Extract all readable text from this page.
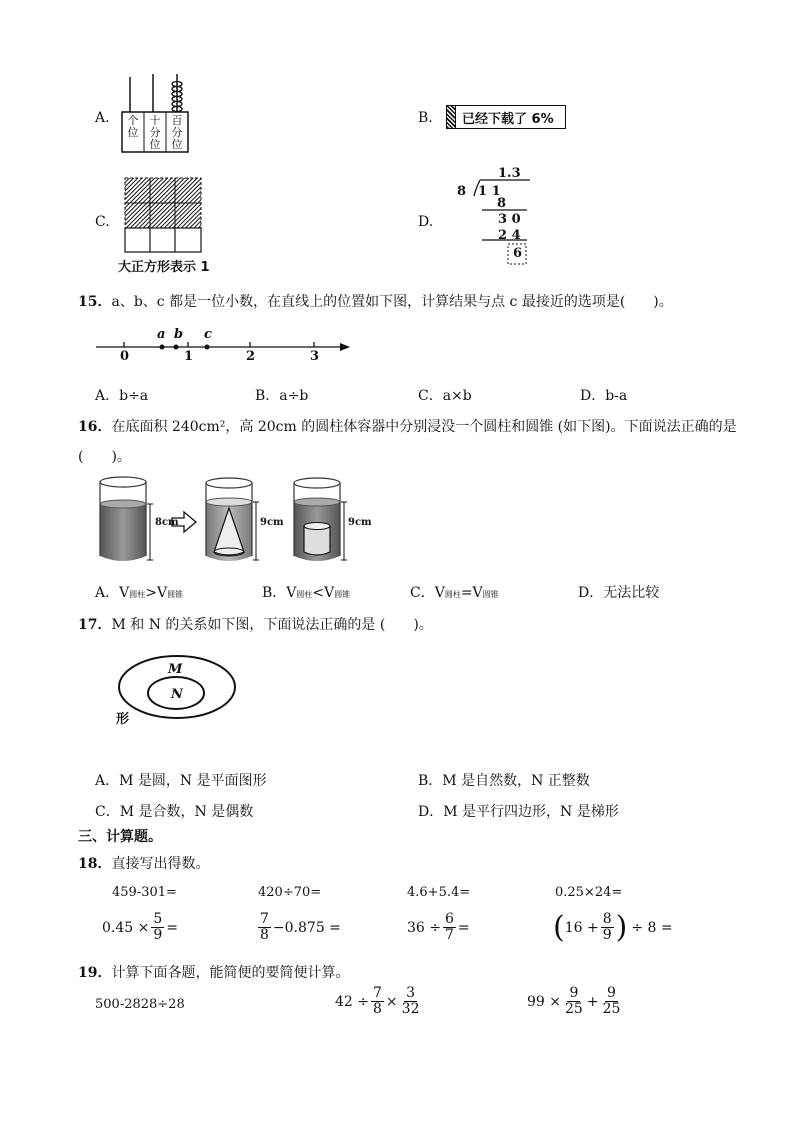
A.	个位
十分位
百分位
B. 已经下载了 6%
C.
大正方形表示 1
D.
1.3
8 1 1
8
3 0
2 4
6
15．a、b、c 都是一位小数，在直线上的位置如下图，计算结果与点 c 最接近的选项是(　　)。
a b c
0	1	2	3
A．b÷a	B．a÷b	C．a×b	D．b-a
16．在底面积 240cm²，高 20cm 的圆柱体容器中分别浸没一个圆柱和圆锥 (如下图)。下面说法正确的是
(　　)。
8cm	9cm	9cm
A．V圆柱>V圆锥	B．V圆柱<V圆锥	C．V圆柱=V圆锥	D．无法比较
17．M 和 N 的关系如下图，下面说法正确的是 (　　)。
M
N
形
A．M 是圆，N 是平面图形	B．M 是自然数，N 正整数
C．M 是合数，N 是偶数	D．M 是平行四边形，N 是梯形
三、计算题。
18．直接写出得数。
459-301=	420÷70=	4.6+5.4=	0.25×24=
$0.45 \times \frac{5}{9}$ =	$\frac{7}{8} -0.875$ =	$36 \div \frac{6}{7}$ =	( $16 + \frac{8}{9}$ ) ÷ 8 =
19．计算下面各题，能简便的要简便计算。
500-2828÷28	$42 \div \frac{7}{8} \times \frac{3}{32}$	$99 \times \frac{9}{25} + \frac{9}{25}$
